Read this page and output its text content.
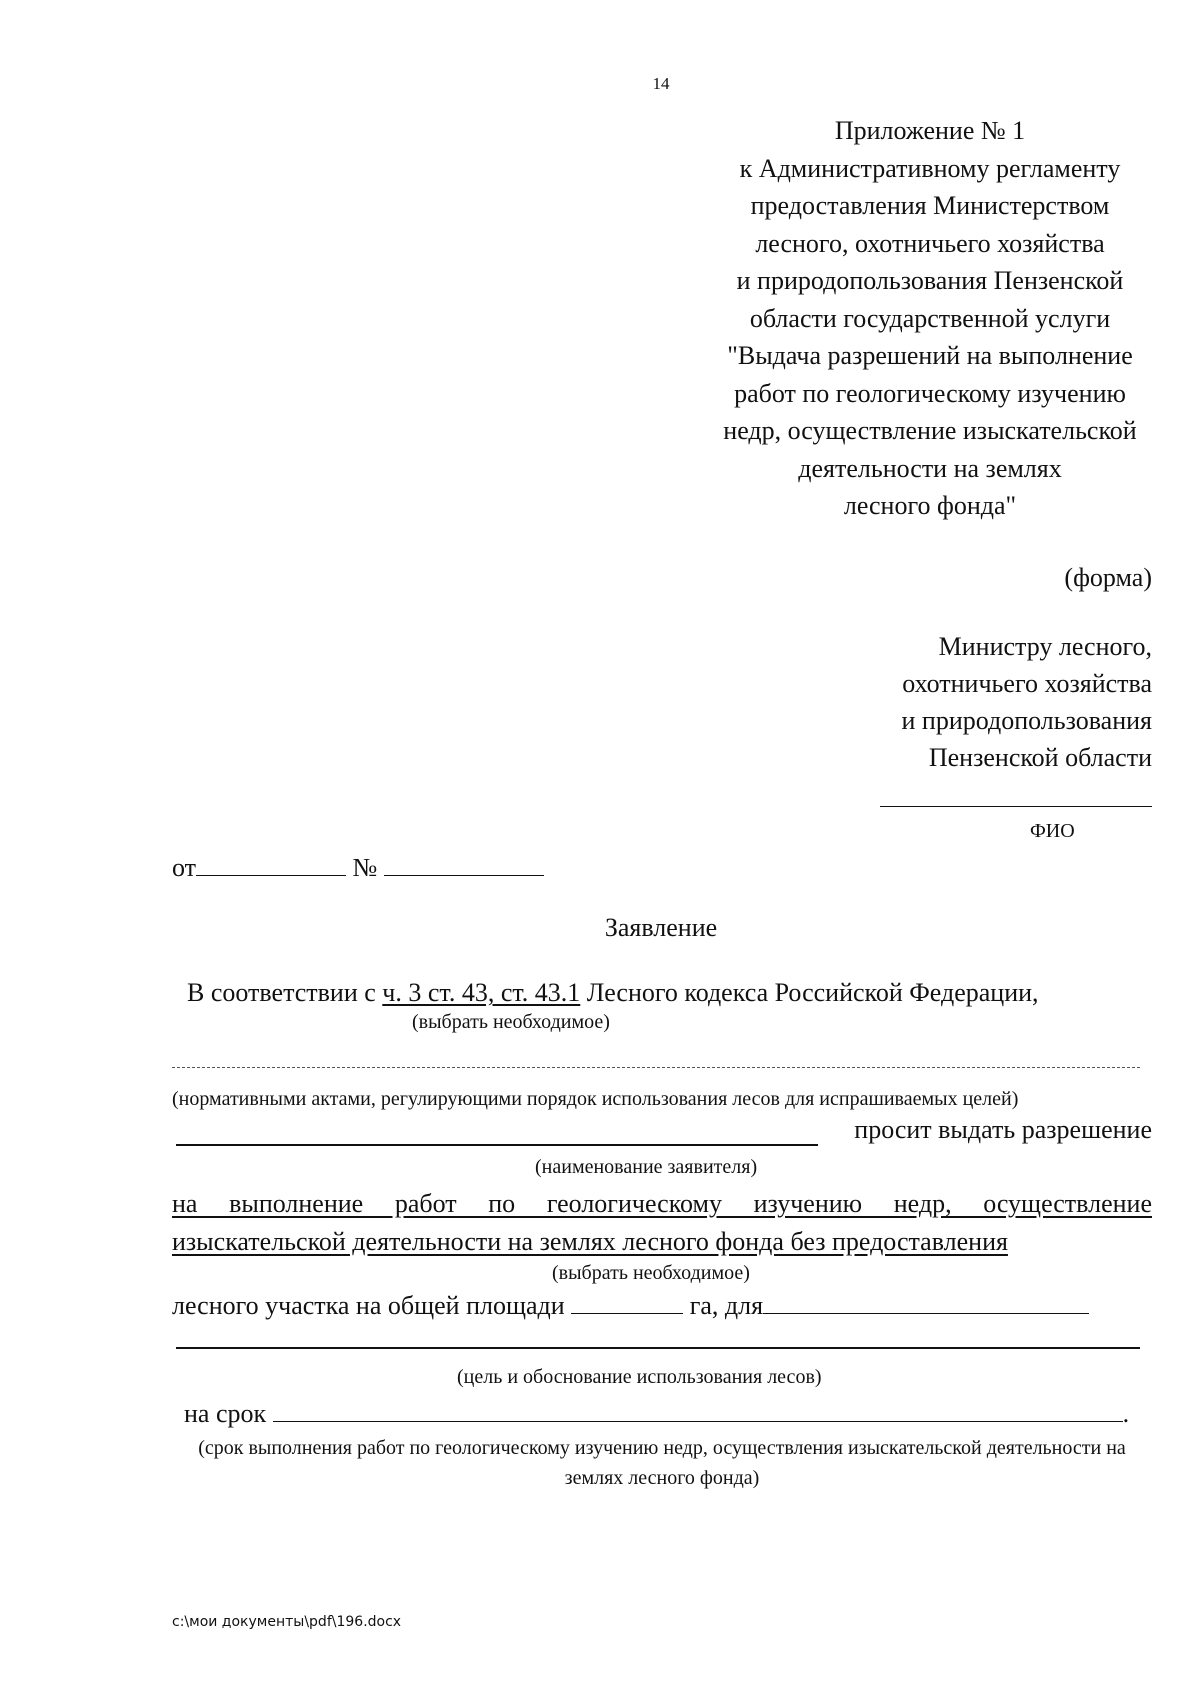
14
Приложение № 1
к Административному регламенту
предоставления Министерством
лесного, охотничьего хозяйства
и природопользования Пензенской
области государственной услуги
"Выдача разрешений на выполнение
работ по геологическому изучению
недр, осуществление изыскательской
деятельности на землях
лесного фонда"
(форма)
Министру лесного,
охотничьего хозяйства
и природопользования
Пензенской области
ФИО
от	№
Заявление
В соответствии с ч. 3 ст. 43, ст. 43.1 Лесного кодекса Российской Федерации,
(выбрать необходимое)
(нормативными актами, регулирующими порядок использования лесов для испрашиваемых целей)
просит выдать разрешение
(наименование заявителя)
на выполнение работ по геологическому изучению недр, осуществление
изыскательской деятельности на землях лесного фонда без предоставления
(выбрать необходимое)
лесного участка на общей площади	га, для
(цель и обоснование использования лесов)
на срок	.
(срок выполнения работ по геологическому изучению недр, осуществления изыскательской деятельности на землях лесного фонда)
c:\мои документы\pdf\196.docx
